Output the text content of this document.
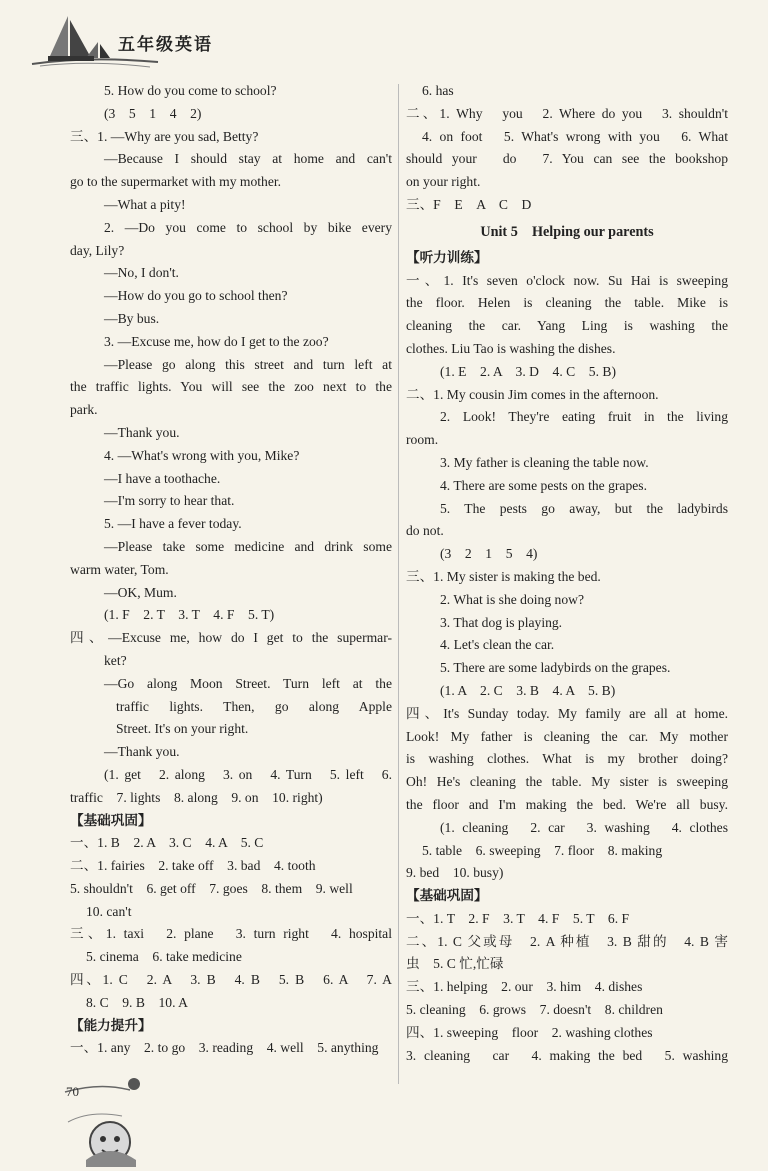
五年级英语
5. How do you come to school?
(3　5　1　4　2)
三、1. —Why are you sad, Betty?
—Because I should stay at home and can't
go to the supermarket with my mother.
—What a pity!
2. —Do you come to school by bike every
day, Lily?
—No, I don't.
—How do you go to school then?
—By bus.
3. —Excuse me, how do I get to the zoo?
—Please go along this street and turn left at
the traffic lights. You will see the zoo next to the
park.
—Thank you.
4. —What's wrong with you, Mike?
—I have a toothache.
—I'm sorry to hear that.
5. —I have a fever today.
—Please take some medicine and drink some
warm water, Tom.
—OK, Mum.
(1. F　2. T　3. T　4. F　5. T)
四、—Excuse me, how do I get to the supermar-
ket?
—Go along Moon Street. Turn left at the
traffic lights. Then, go along Apple
Street. It's on your right.
—Thank you.
(1. get　2. along　3. on　4. Turn　5. left　6.
traffic　7. lights　8. along　9. on　10. right)
【基础巩固】
一、1. B　2. A　3. C　4. A　5. C
二、1. fairies　2. take off　3. bad　4. tooth
5. shouldn't　6. get off　7. goes　8. them　9. well
10. can't
三、1. taxi　2. plane　3. turn right　4. hospital
5. cinema　6. take medicine
四、1. C　2. A　3. B　4. B　5. B　6. A　7. A
8. C　9. B　10. A
【能力提升】
一、1. any　2. to go　3. reading　4. well　5. anything
6. has
二、1. Why　you　2. Where do you　3. shouldn't
4. on foot　5. What's wrong with you　6. What
should your　do　7. You can see the bookshop
on your right.
三、F　E　A　C　D
Unit 5　Helping our parents
【听力训练】
一、1. It's seven o'clock now. Su Hai is sweeping
the floor. Helen is cleaning the table. Mike is
cleaning the car. Yang Ling is washing the
clothes. Liu Tao is washing the dishes.
(1. E　2. A　3. D　4. C　5. B)
二、1. My cousin Jim comes in the afternoon.
2. Look! They're eating fruit in the living
room.
3. My father is cleaning the table now.
4. There are some pests on the grapes.
5. The pests go away, but the ladybirds
do not.
(3　2　1　5　4)
三、1. My sister is making the bed.
2. What is she doing now?
3. That dog is playing.
4. Let's clean the car.
5. There are some ladybirds on the grapes.
(1. A　2. C　3. B　4. A　5. B)
四、It's Sunday today. My family are all at home.
Look! My father is cleaning the car. My mother
is washing clothes. What is my brother doing?
Oh! He's cleaning the table. My sister is sweeping
the floor and I'm making the bed. We're all busy.
(1. cleaning　2. car　3. washing　4. clothes
5. table　6. sweeping　7. floor　8. making
9. bed　10. busy)
【基础巩固】
一、1. T　2. F　3. T　4. F　5. T　6. F
二、1. C 父或母　2. A 种植　3. B 甜的　4. B 害
虫　5. C 忙,忙碌
三、1. helping　2. our　3. him　4. dishes
5. cleaning　6. grows　7. doesn't　8. children
四、1. sweeping　floor　2. washing clothes
3. cleaning　car　4. making the bed　5. washing
70
